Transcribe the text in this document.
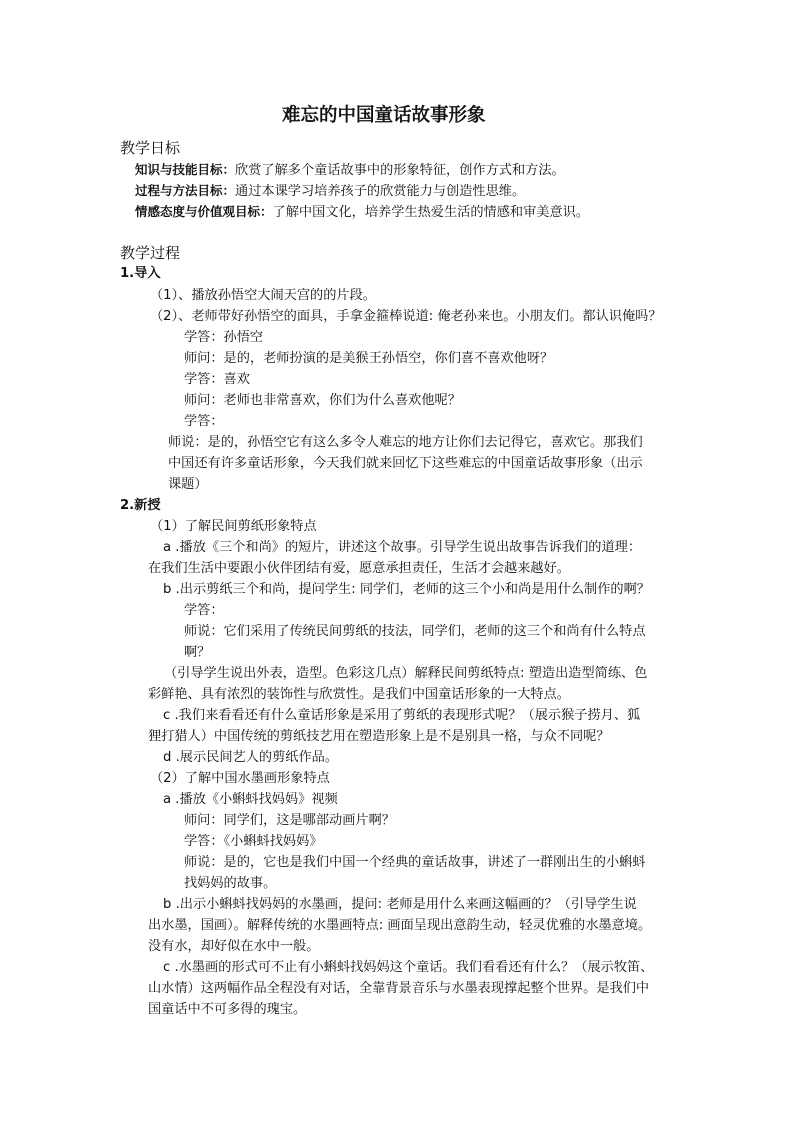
难忘的中国童话故事形象
教学日标
知识与技能目标：欣赏了解多个童话故事中的形象特征，创作方式和方法。
过程与方法目标：通过本课学习培养孩子的欣赏能力与创造性思维。
情感态度与价值观目标：了解中国文化，培养学生热爱生活的情感和审美意识。
教学过程
1.导入
（1）、播放孙悟空大闹天宫的的片段。
（2）、老师带好孙悟空的面具，手拿金箍棒说道: 俺老孙来也。小朋友们。都认识俺吗？
学答：孙悟空
师问：是的，老师扮演的是美猴王孙悟空，你们喜不喜欢他呀？
学答：喜欢
师问：老师也非常喜欢，你们为什么喜欢他呢？
学答：
师说：是的，孙悟空它有这么多令人难忘的地方让你们去记得它，喜欢它。那我们
中国还有许多童话形象，今天我们就来回忆下这些难忘的中国童话故事形象（出示
课题）
2.新授
（1）了解民间剪纸形象特点
a .播放《三个和尚》的短片，讲述这个故事。引导学生说出故事告诉我们的道理：
在我们生活中要跟小伙伴团结有爱，愿意承担责任，生活才会越来越好。
b .出示剪纸三个和尚，提问学生: 同学们，老师的这三个小和尚是用什么制作的啊？
学答：
师说：它们采用了传统民间剪纸的技法，同学们，老师的这三个和尚有什么特点
啊？
（引导学生说出外表，造型。色彩这几点）解释民间剪纸特点: 塑造出造型简练、色
彩鲜艳、具有浓烈的装饰性与欣赏性。是我们中国童话形象的一大特点。
c .我们来看看还有什么童话形象是采用了剪纸的表现形式呢？（展示猴子捞月、狐
狸打猎人）中国传统的剪纸技艺用在塑造形象上是不是别具一格，与众不同呢？
d .展示民间艺人的剪纸作品。
（2）了解中国水墨画形象特点
a .播放《小蝌蚪找妈妈》视频
师问：同学们，这是哪部动画片啊？
学答：《小蝌蚪找妈妈》
师说：是的，它也是我们中国一个经典的童话故事，讲述了一群刚出生的小蝌蚪
找妈妈的故事。
b .出示小蝌蚪找妈妈的水墨画，提问: 老师是用什么来画这幅画的？（引导学生说
出水墨，国画）。解释传统的水墨画特点: 画面呈现出意韵生动，轻灵优雅的水墨意境。
没有水，却好似在水中一般。
c .水墨画的形式可不止有小蝌蚪找妈妈这个童话。我们看看还有什么？（展示牧笛、
山水情）这两幅作品全程没有对话，全靠背景音乐与水墨表现撑起整个世界。是我们中
国童话中不可多得的瑰宝。
